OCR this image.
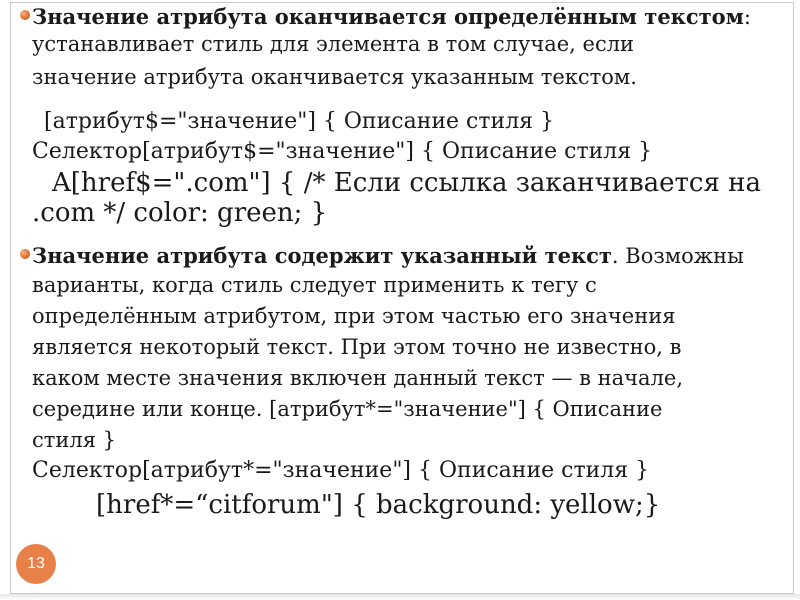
Значение атрибута оканчивается определённым текстом:
устанавливает стиль для элемента в том случае, если
значение атрибута оканчивается указанным текстом.
[атрибут$="значение"] { Описание стиля }
Селектор[атрибут$="значение"] { Описание стиля }
A[href$=".com"] { /* Если ссылка заканчивается на
.com */ color: green; }
Значение атрибута содержит указанный текст. Возможны
варианты, когда стиль следует применить к тегу с
определённым атрибутом, при этом частью его значения
является некоторый текст. При этом точно не известно, в
каком месте значения включен данный текст — в начале,
середине или конце. [атрибут*="значение"] { Описание
стиля }
Селектор[атрибут*="значение"] { Описание стиля }
[href*=“citforum"] { background: yellow;}
13
